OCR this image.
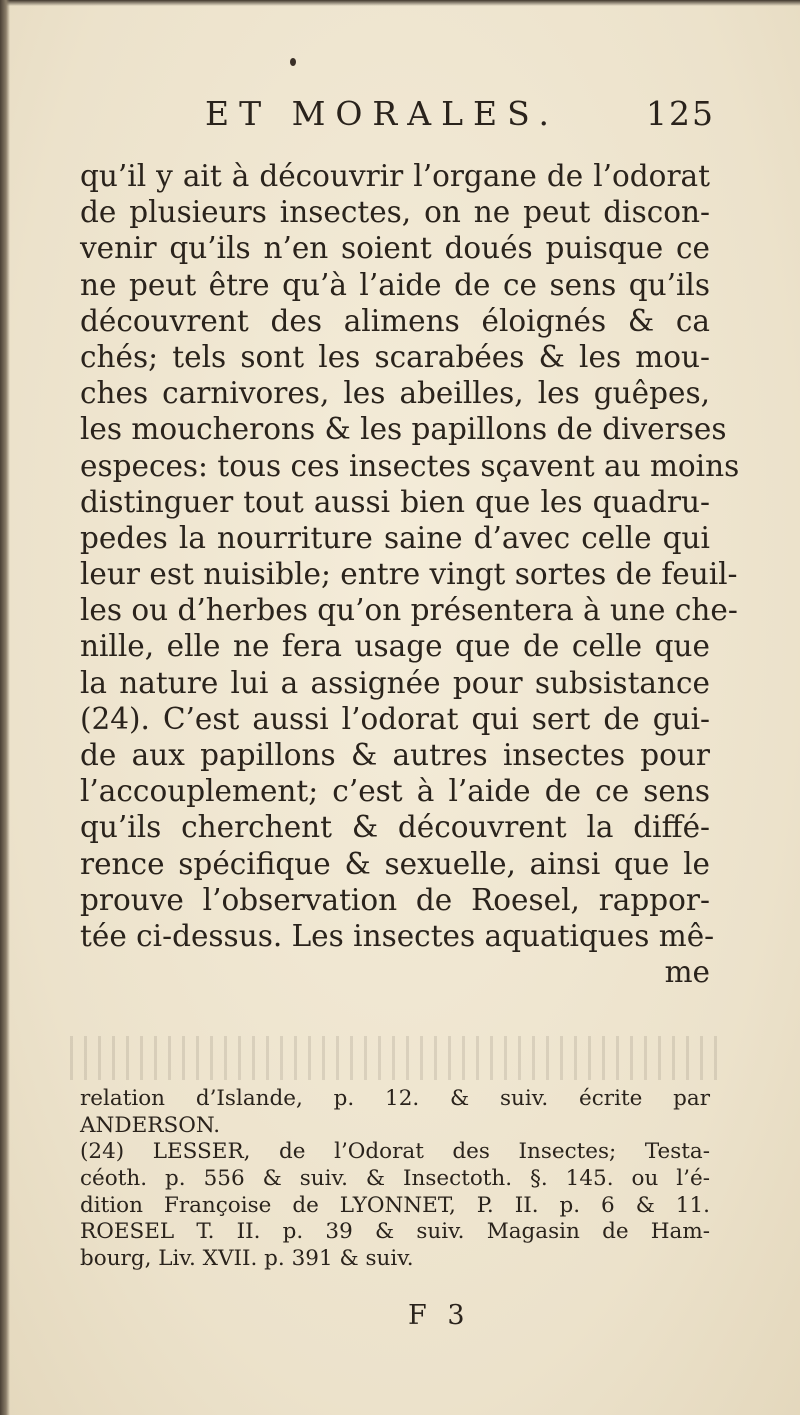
ET MORALES.	125
qu’il y ait à découvrir l’organe de l’odorat
de plusieurs insectes, on ne peut discon-
venir qu’ils n’en soient doués puisque ce
ne peut être qu’à l’aide de ce sens qu’ils
découvrent des alimens éloignés & ca
chés; tels sont les scarabées & les mou-
ches carnivores, les abeilles, les guêpes,
les moucherons & les papillons de diverses
especes: tous ces insectes sçavent au moins
distinguer tout aussi bien que les quadru-
pedes la nourriture saine d’avec celle qui
leur est nuisible; entre vingt sortes de feuil-
les ou d’herbes qu’on présentera à une che-
nille, elle ne fera usage que de celle que
la nature lui a assignée pour subsistance
(24). C’est aussi l’odorat qui sert de gui-
de aux papillons & autres insectes pour
l’accouplement; c’est à l’aide de ce sens
qu’ils cherchent & découvrent la diffé-
rence spécifique & sexuelle, ainsi que le
prouve l’observation de Roesel, rappor-
tée ci-dessus. Les insectes aquatiques mê-
me
relation d’Islande, p. 12. & suiv. écrite par
ANDERSON.
(24) LESSER, de l’Odorat des Insectes; Testa-
céoth. p. 556 & suiv. & Insectoth. §. 145. ou l’é-
dition Françoise de LYONNET, P. II. p. 6 & 11.
ROESEL T. II. p. 39 & suiv. Magasin de Ham-
bourg, Liv. XVII. p. 391 & suiv.
F 3
